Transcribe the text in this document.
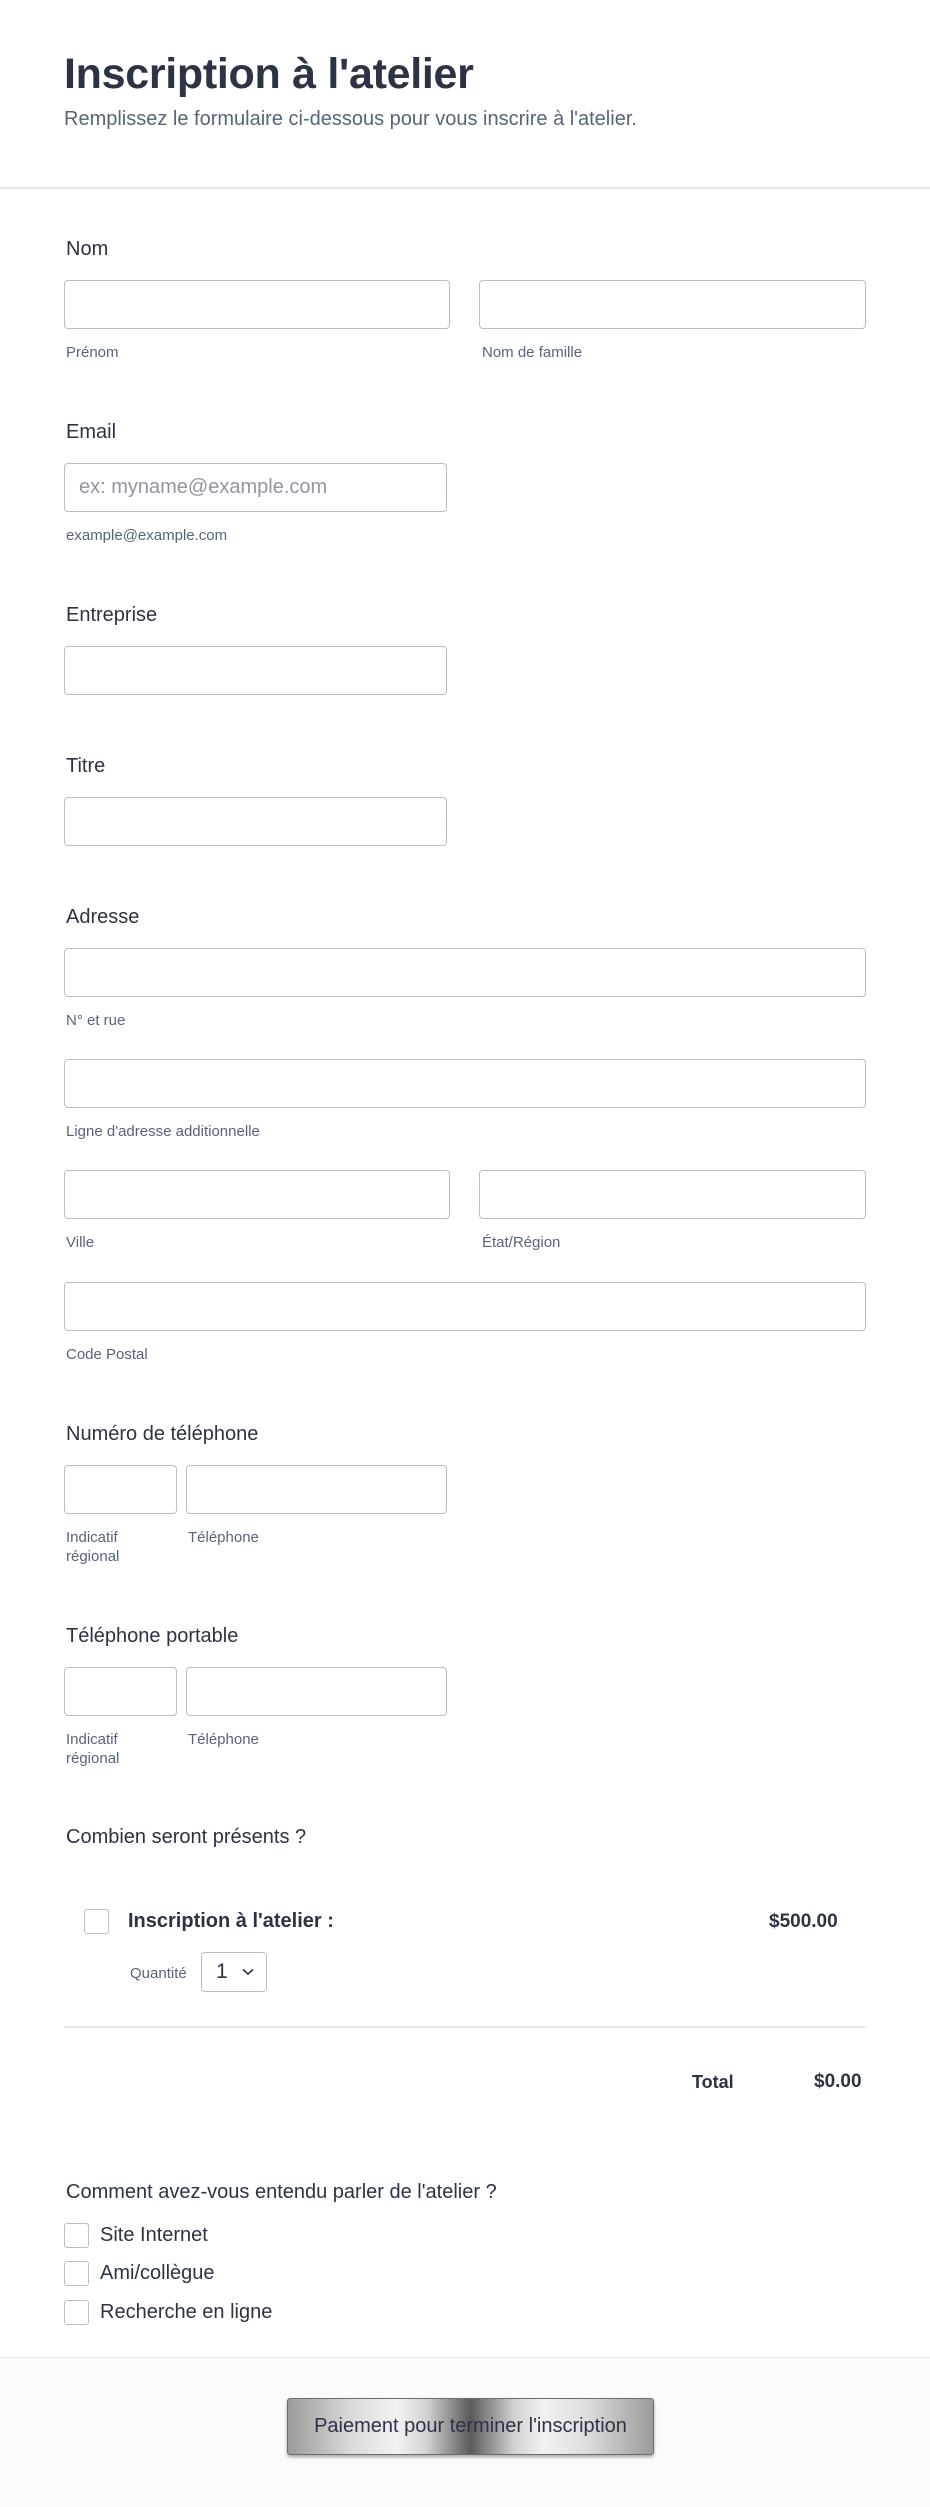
Inscription à l'atelier
Remplissez le formulaire ci-dessous pour vous inscrire à l'atelier.
Nom
Prénom	Nom de famille
Email
ex: myname@example.com
example@example.com
Entreprise
Titre
Adresse
N° et rue
Ligne d'adresse additionnelle
Ville	État/Région
Code Postal
Numéro de téléphone
Indicatif régional
Téléphone
Téléphone portable
Indicatif régional
Téléphone
Combien seront présents ?
Inscription à l'atelier :	$500.00
Quantité 1
Total	$0.00
Comment avez-vous entendu parler de l'atelier ?
Site Internet
Ami/collègue
Recherche en ligne
Paiement pour terminer l'inscription
